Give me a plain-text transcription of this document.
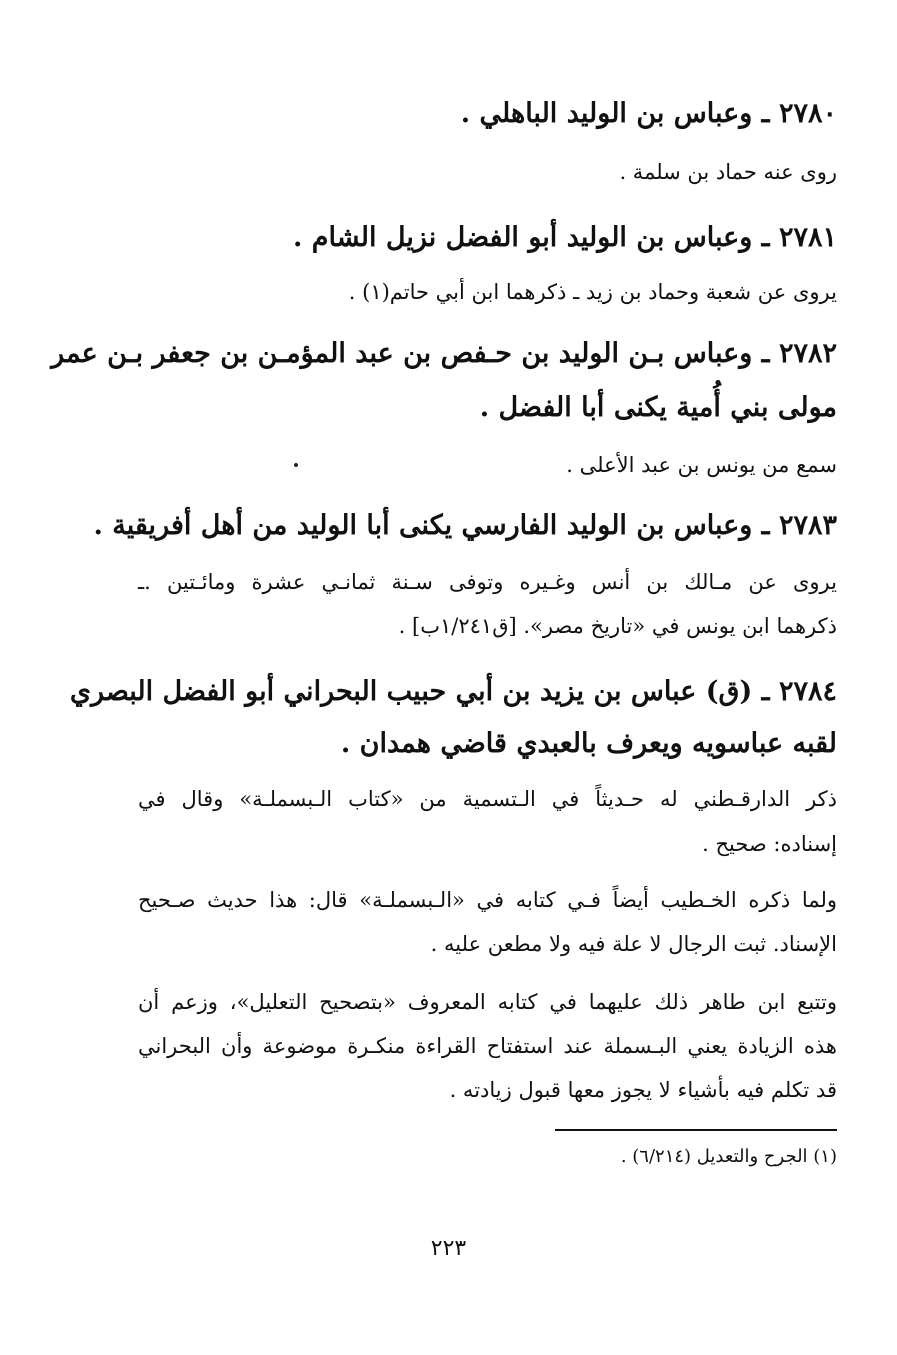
٢٧٨٠ ـ وعباس بن الوليد الباهلي .
روى عنه حماد بن سلمة .
٢٧٨١ ـ وعباس بن الوليد أبو الفضل نزيل الشام .
يروى عن شعبة وحماد بن زيد ـ ذكرهما ابن أبي حاتم(١) .
٢٧٨٢ ـ وعباس بـن الوليد بن حـفص بن عبد المؤمـن بن جعفر بـن عمر
مولى بني أُمية يكنى أبا الفضل .
سمع من يونس بن عبد الأعلى .
٢٧٨٣ ـ وعباس بن الوليد الفارسي يكنى أبا الوليد من أهل أفريقية .
يروى عن مـالك بن أنس وغـيره وتوفى سـنة ثمانـي عشرة ومائـتين .ـ
ذكرهما ابن يونس في «تاريخ مصر». [ق١/٢٤١ب] .
٢٧٨٤ ـ (ق) عباس بن يزيد بن أبي حبيب البحراني أبو الفضل البصري
لقبه عباسويه ويعرف بالعبدي قاضي همدان .
ذكر الدارقـطني له حـديثاً في الـتسمية من «كتاب الـبسملـة» وقال في
إسناده: صحيح .
ولما ذكره الخـطيب أيضاً فـي كتابه في «الـبسملـة» قال: هذا حديث صـحيح
الإسناد. ثبت الرجال لا علة فيه ولا مطعن عليه .
وتتبع ابن طاهر ذلك عليهما في كتابه المعروف «بتصحيح التعليل»، وزعم أن
هذه الزيادة يعني البـسملة عند استفتاح القراءة منكـرة موضوعة وأن البحراني
قد تكلم فيه بأشياء لا يجوز معها قبول زيادته .
(١) الجرح والتعديل (٦/٢١٤) .
٢٢٣
